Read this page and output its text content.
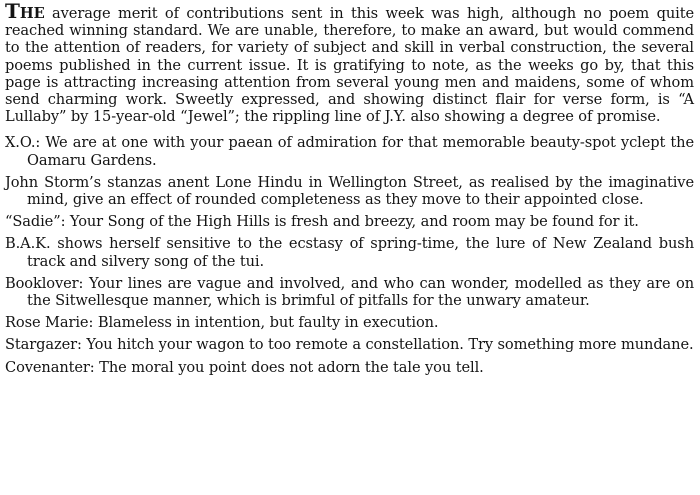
THE average merit of contributions sent in this week was high, although no poem quite reached winning standard. We are unable, therefore, to make an award, but would commend to the attention of readers, for variety of subject and skill in verbal construction, the several poems published in the current issue. It is gratifying to note, as the weeks go by, that this page is attracting increasing attention from several young men and maidens, some of whom send charming work. Sweetly expressed, and showing distinct flair for verse form, is “A Lullaby” by 15-year-old “Jewel”; the rippling line of J.Y. also showing a degree of promise.

X.O.: We are at one with your paean of admiration for that memorable beauty-spot yclept the Oamaru Gardens.

John Storm’s stanzas anent Lone Hindu in Wellington Street, as realised by the imaginative mind, give an effect of rounded completeness as they move to their appointed close.

“Sadie”: Your Song of the High Hills is fresh and breezy, and room may be found for it.

B.A.K. shows herself sensitive to the ecstasy of spring-time, the lure of New Zealand bush track and silvery song of the tui.

Booklover: Your lines are vague and involved, and who can wonder, modelled as they are on the Sitwellesque manner, which is brimful of pitfalls for the unwary amateur.

Rose Marie: Blameless in intention, but faulty in execution.

Stargazer: You hitch your wagon to too remote a constellation. Try something more mundane.

Covenanter: The moral you point does not adorn the tale you tell.
